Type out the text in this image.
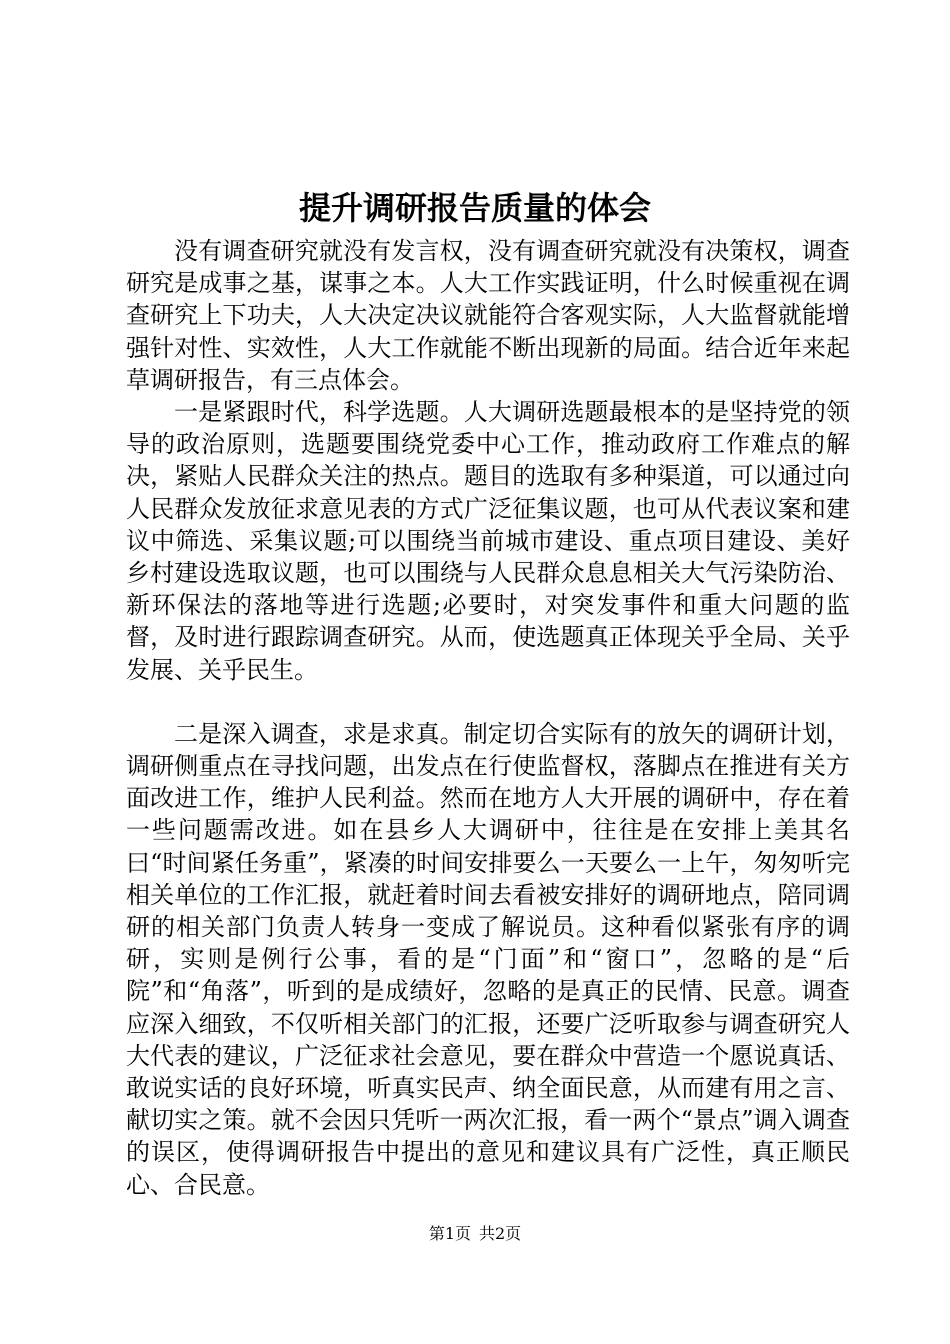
提升调研报告质量的体会

没有调查研究就没有发言权，没有调查研究就没有决策权，调查研究是成事之基，谋事之本。人大工作实践证明，什么时候重视在调查研究上下功夫，人大决定决议就能符合客观实际，人大监督就能增强针对性、实效性，人大工作就能不断出现新的局面。结合近年来起草调研报告，有三点体会。

一是紧跟时代，科学选题。人大调研选题最根本的是坚持党的领导的政治原则，选题要围绕党委中心工作，推动政府工作难点的解决，紧贴人民群众关注的热点。题目的选取有多种渠道，可以通过向人民群众发放征求意见表的方式广泛征集议题，也可从代表议案和建议中筛选、采集议题;可以围绕当前城市建设、重点项目建设、美好乡村建设选取议题，也可以围绕与人民群众息息相关大气污染防治、新环保法的落地等进行选题;必要时，对突发事件和重大问题的监督，及时进行跟踪调查研究。从而，使选题真正体现关乎全局、关乎发展、关乎民生。

二是深入调查，求是求真。制定切合实际有的放矢的调研计划，调研侧重点在寻找问题，出发点在行使监督权，落脚点在推进有关方面改进工作，维护人民利益。然而在地方人大开展的调研中，存在着一些问题需改进。如在县乡人大调研中，往往是在安排上美其名曰“时间紧任务重”，紧凑的时间安排要么一天要么一上午，匆匆听完相关单位的工作汇报，就赶着时间去看被安排好的调研地点，陪同调研的相关部门负责人转身一变成了解说员。这种看似紧张有序的调研，实则是例行公事，看的是“门面”和“窗口”，忽略的是“后院”和“角落”，听到的是成绩好，忽略的是真正的民情、民意。调查应深入细致，不仅听相关部门的汇报，还要广泛听取参与调查研究人大代表的建议，广泛征求社会意见，要在群众中营造一个愿说真话、敢说实话的良好环境，听真实民声、纳全面民意，从而建有用之言、献切实之策。就不会因只凭听一两次汇报，看一两个“景点”调入调查的误区，使得调研报告中提出的意见和建议具有广泛性，真正顺民心、合民意。

第1页 共2页
